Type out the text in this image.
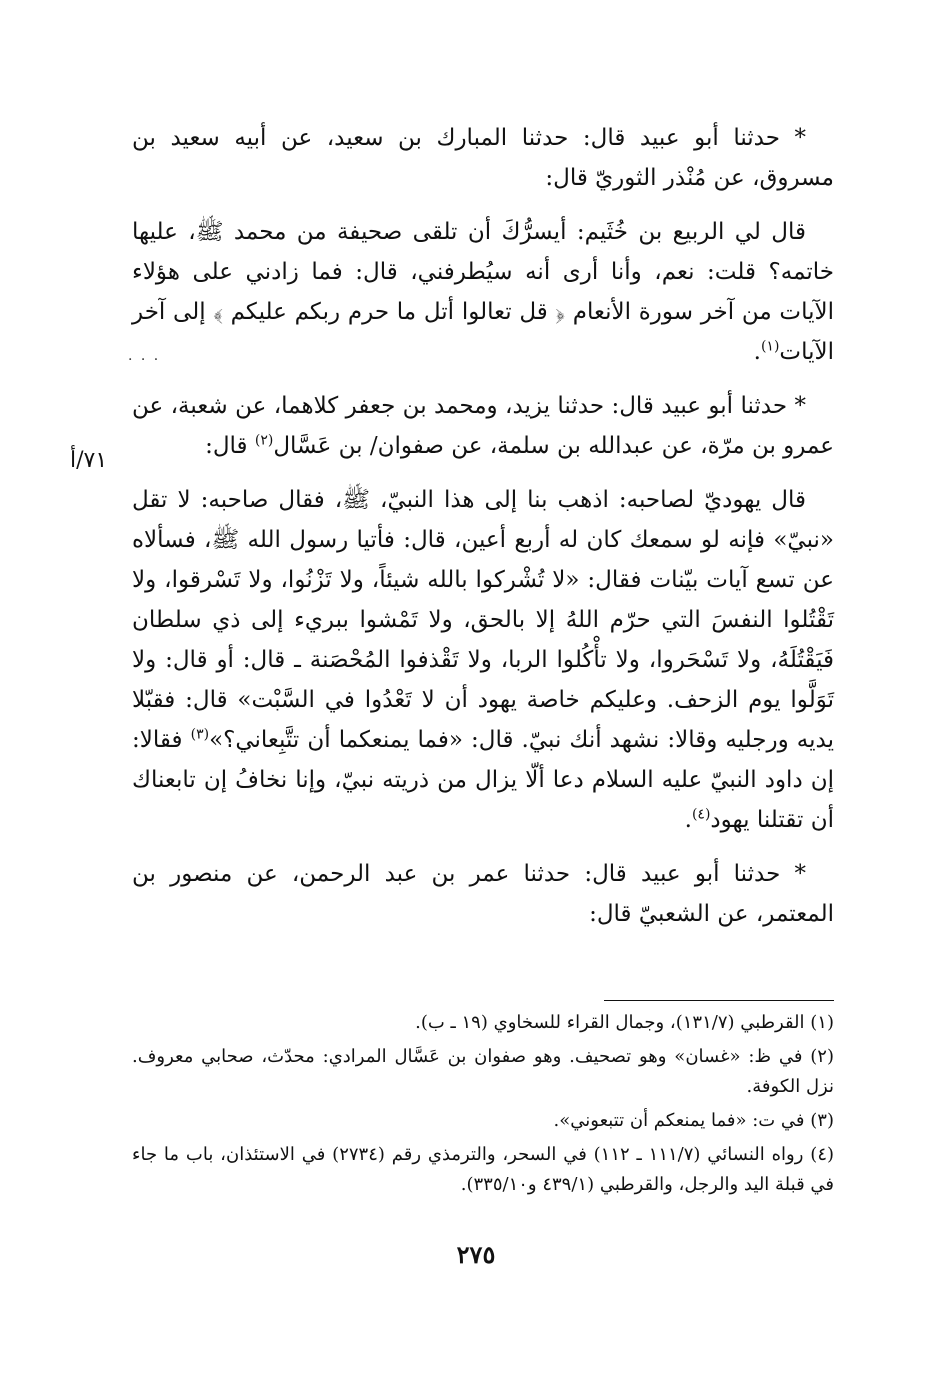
* حدثنا أبو عبيد قال: حدثنا المبارك بن سعيد، عن أبيه سعيد بن مسروق، عن مُنْذر الثوريّ قال:

قال لي الربيع بن خُثَيم: أيسرُّكَ أن تلقى صحيفة من محمد ﷺ، عليها خاتمه؟ قلت: نعم، وأنا أرى أنه سيُطرفني، قال: فما زادني على هؤلاء الآيات من آخر سورة الأنعام ﴿ قل تعالوا أتل ما حرم ربكم عليكم ﴾ إلى آخر الآيات$^{(١)}$.

* حدثنا أبو عبيد قال: حدثنا يزيد، ومحمد بن جعفر كلاهما، عن شعبة، عن عمرو بن مرّة، عن عبدالله بن سلمة، عن صفوان/ بن عَسَّال$^{(٢)}$ قال:

قال يهوديّ لصاحبه: اذهب بنا إلى هذا النبيّ، ﷺ، فقال صاحبه: لا تقل «نبيّ» فإنه لو سمعك كان له أربع أعين، قال: فأتيا رسول الله ﷺ، فسألاه عن تسع آيات بيّنات فقال: «لا تُشْركوا بالله شيئاً، ولا تَزْنُوا، ولا تَسْرقوا، ولا تَقْتُلوا النفسَ التي حرّم اللهُ إلا بالحق، ولا تَمْشوا ببريء إلى ذي سلطان فَيَقْتُلَهُ، ولا تَسْحَروا، ولا تأْكُلوا الربا، ولا تَقْذفوا المُحْصَنة ـ قال: أو قال: ولا تَوَلَّوا يوم الزحف. وعليكم خاصة يهود أن لا تَعْدُوا في السَّبْت» قال: فقبّلا يديه ورجليه وقالا: نشهد أنك نبيّ. قال: «فما يمنعكما أن تتَّبِعاني؟»$^{(٣)}$ فقالا: إن داود النبيّ عليه السلام دعا ألّا يزال من ذريته نبيّ، وإنا نخافُ إن تابعناك أن تقتلنا يهود$^{(٤)}$.

* حدثنا أبو عبيد قال: حدثنا عمر بن عبد الرحمن، عن منصور بن المعتمر، عن الشعبيّ قال:

· · ·
٧١/أ

(١) القرطبي (١٣١/٧)، وجمال القراء للسخاوي (١٩ ـ ب).

(٢) في ظ: «غسان» وهو تصحيف. وهو صفوان بن عَسَّال المرادي: محدّث، صحابي معروف. نزل الكوفة.

(٣) في ت: «فما يمنعكم أن تتبعوني».

(٤) رواه النسائي (١١١/٧ ـ ١١٢) في السحر، والترمذي رقم (٢٧٣٤) في الاستئذان، باب ما جاء في قبلة اليد والرجل، والقرطبي (٤٣٩/١ و٣٣٥/١٠).

٢٧٥
